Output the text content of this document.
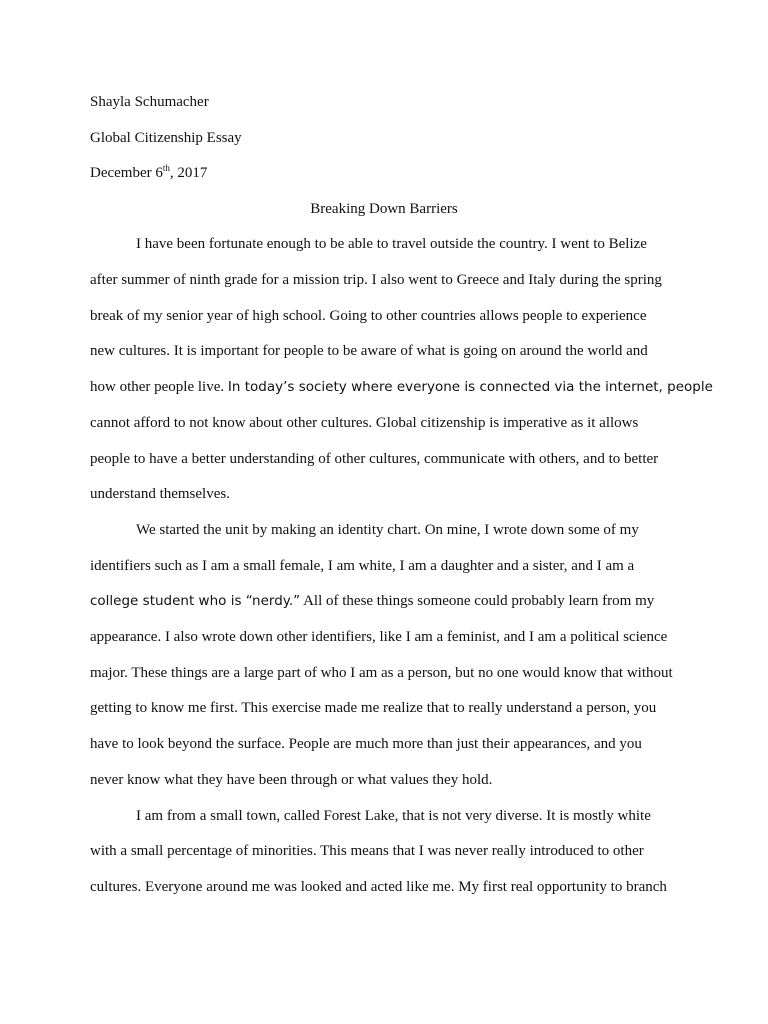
Shayla Schumacher
Global Citizenship Essay
December 6th, 2017
Breaking Down Barriers
I have been fortunate enough to be able to travel outside the country. I went to Belize
after summer of ninth grade for a mission trip. I also went to Greece and Italy during the spring
break of my senior year of high school. Going to other countries allows people to experience
new cultures. It is important for people to be aware of what is going on around the world and
how other people live. In today’s society where everyone is connected via the internet, people
cannot afford to not know about other cultures. Global citizenship is imperative as it allows
people to have a better understanding of other cultures, communicate with others, and to better
understand themselves.
We started the unit by making an identity chart. On mine, I wrote down some of my
identifiers such as I am a small female, I am white, I am a daughter and a sister, and I am a
college student who is “nerdy.” All of these things someone could probably learn from my
appearance. I also wrote down other identifiers, like I am a feminist, and I am a political science
major. These things are a large part of who I am as a person, but no one would know that without
getting to know me first. This exercise made me realize that to really understand a person, you
have to look beyond the surface. People are much more than just their appearances, and you
never know what they have been through or what values they hold.
I am from a small town, called Forest Lake, that is not very diverse. It is mostly white
with a small percentage of minorities. This means that I was never really introduced to other
cultures. Everyone around me was looked and acted like me. My first real opportunity to branch
